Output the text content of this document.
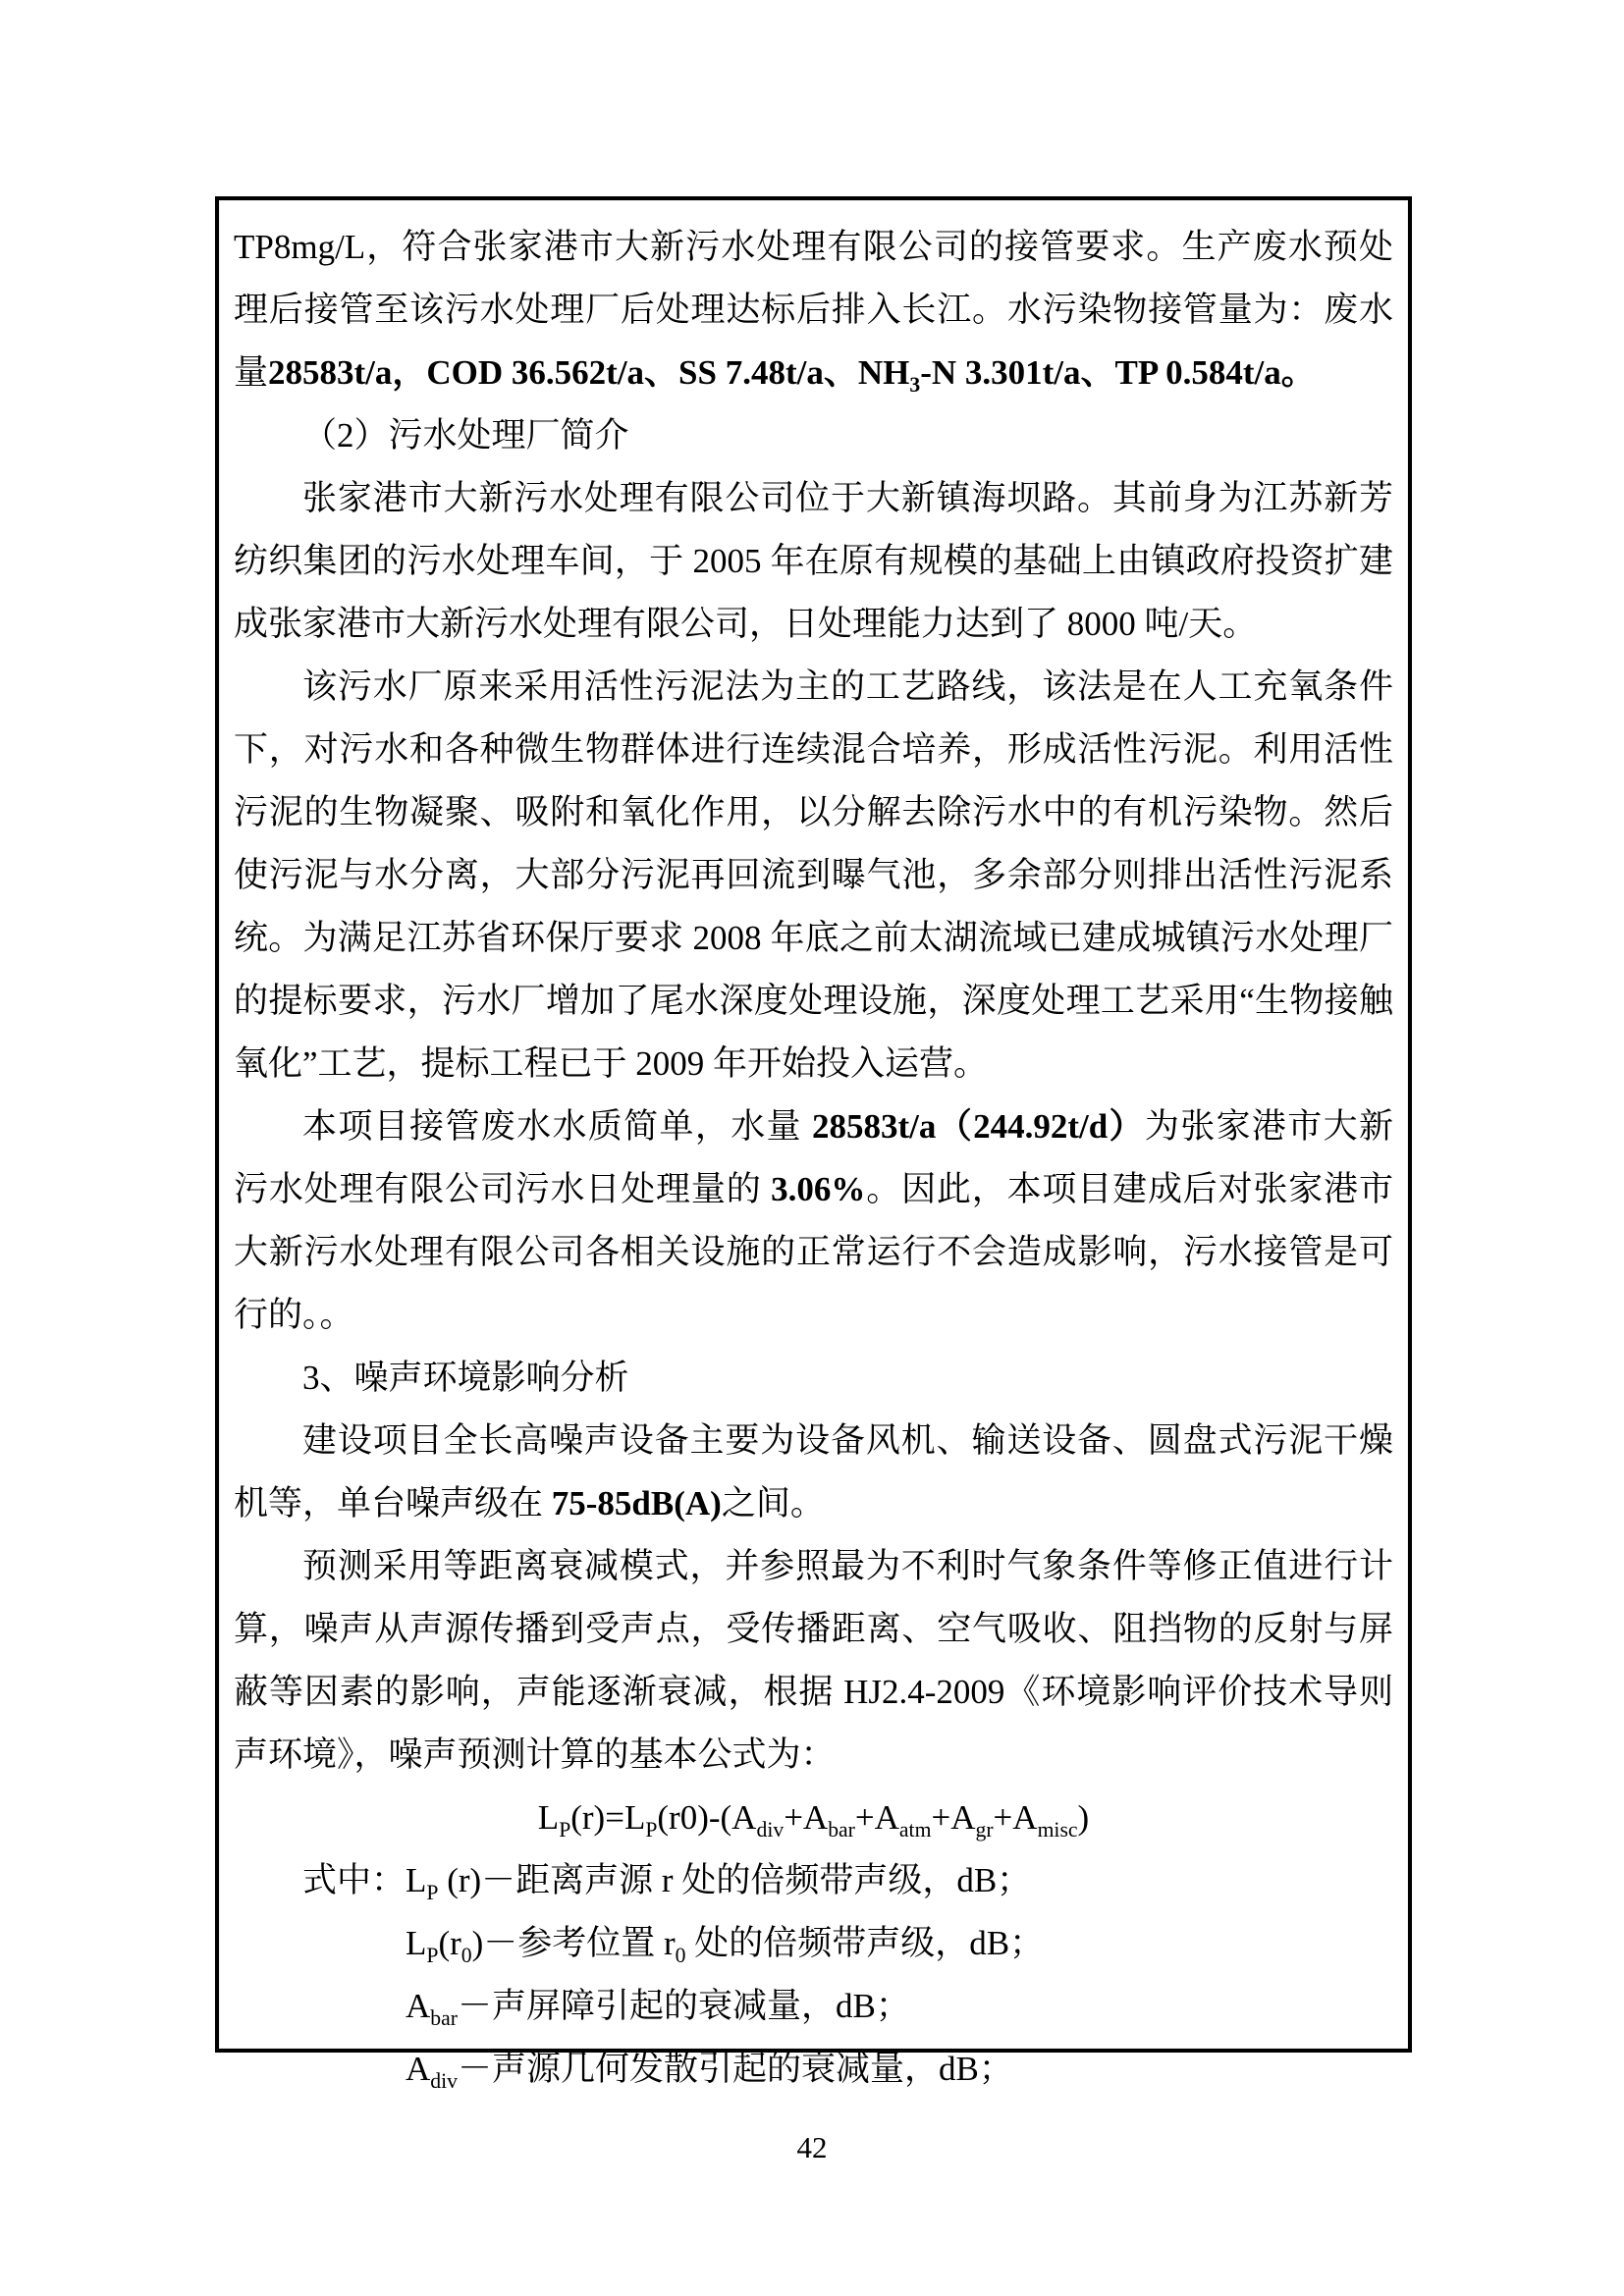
TP8mg/L，符合张家港市大新污水处理有限公司的接管要求。生产废水预处理后接管至该污水处理厂后处理达标后排入长江。水污染物接管量为：废水量28583t/a，COD 36.562t/a、SS 7.48t/a、$NH_3-N$ 3.301t/a、TP 0.584t/a。

（2）污水处理厂简介

张家港市大新污水处理有限公司位于大新镇海坝路。其前身为江苏新芳纺织集团的污水处理车间，于 2005 年在原有规模的基础上由镇政府投资扩建成张家港市大新污水处理有限公司，日处理能力达到了 8000 吨/天。

该污水厂原来采用活性污泥法为主的工艺路线，该法是在人工充氧条件下，对污水和各种微生物群体进行连续混合培养，形成活性污泥。利用活性污泥的生物凝聚、吸附和氧化作用，以分解去除污水中的有机污染物。然后使污泥与水分离，大部分污泥再回流到曝气池，多余部分则排出活性污泥系统。为满足江苏省环保厅要求 2008 年底之前太湖流域已建成城镇污水处理厂的提标要求，污水厂增加了尾水深度处理设施，深度处理工艺采用“生物接触氧化”工艺，提标工程已于 2009 年开始投入运营。

本项目接管废水水质简单，水量 28583t/a（244.92t/d）为张家港市大新污水处理有限公司污水日处理量的 3.06%。因此，本项目建成后对张家港市大新污水处理有限公司各相关设施的正常运行不会造成影响，污水接管是可行的。。

3、噪声环境影响分析

建设项目全长高噪声设备主要为设备风机、输送设备、圆盘式污泥干燥机等，单台噪声级在 75-85dB(A)之间。

预测采用等距离衰减模式，并参照最为不利时气象条件等修正值进行计算，噪声从声源传播到受声点，受传播距离、空气吸收、阻挡物的反射与屏蔽等因素的影响，声能逐渐衰减，根据 HJ2.4-2009《环境影响评价技术导则声环境》，噪声预测计算的基本公式为：

$L_P(r)=L_P(r0)-(A_{div}+A_{bar}+A_{atm}+A_{gr}+A_{misc})$

式中：$L_P$ (r)－距离声源 r 处的倍频带声级，dB；

$L_P(r_0)-$参考位置 $r_0$ 处的倍频带声级，dB；

$A_{bar}-$声屏障引起的衰减量，dB；

$A_{div}-$声源几何发散引起的衰减量，dB；

42
